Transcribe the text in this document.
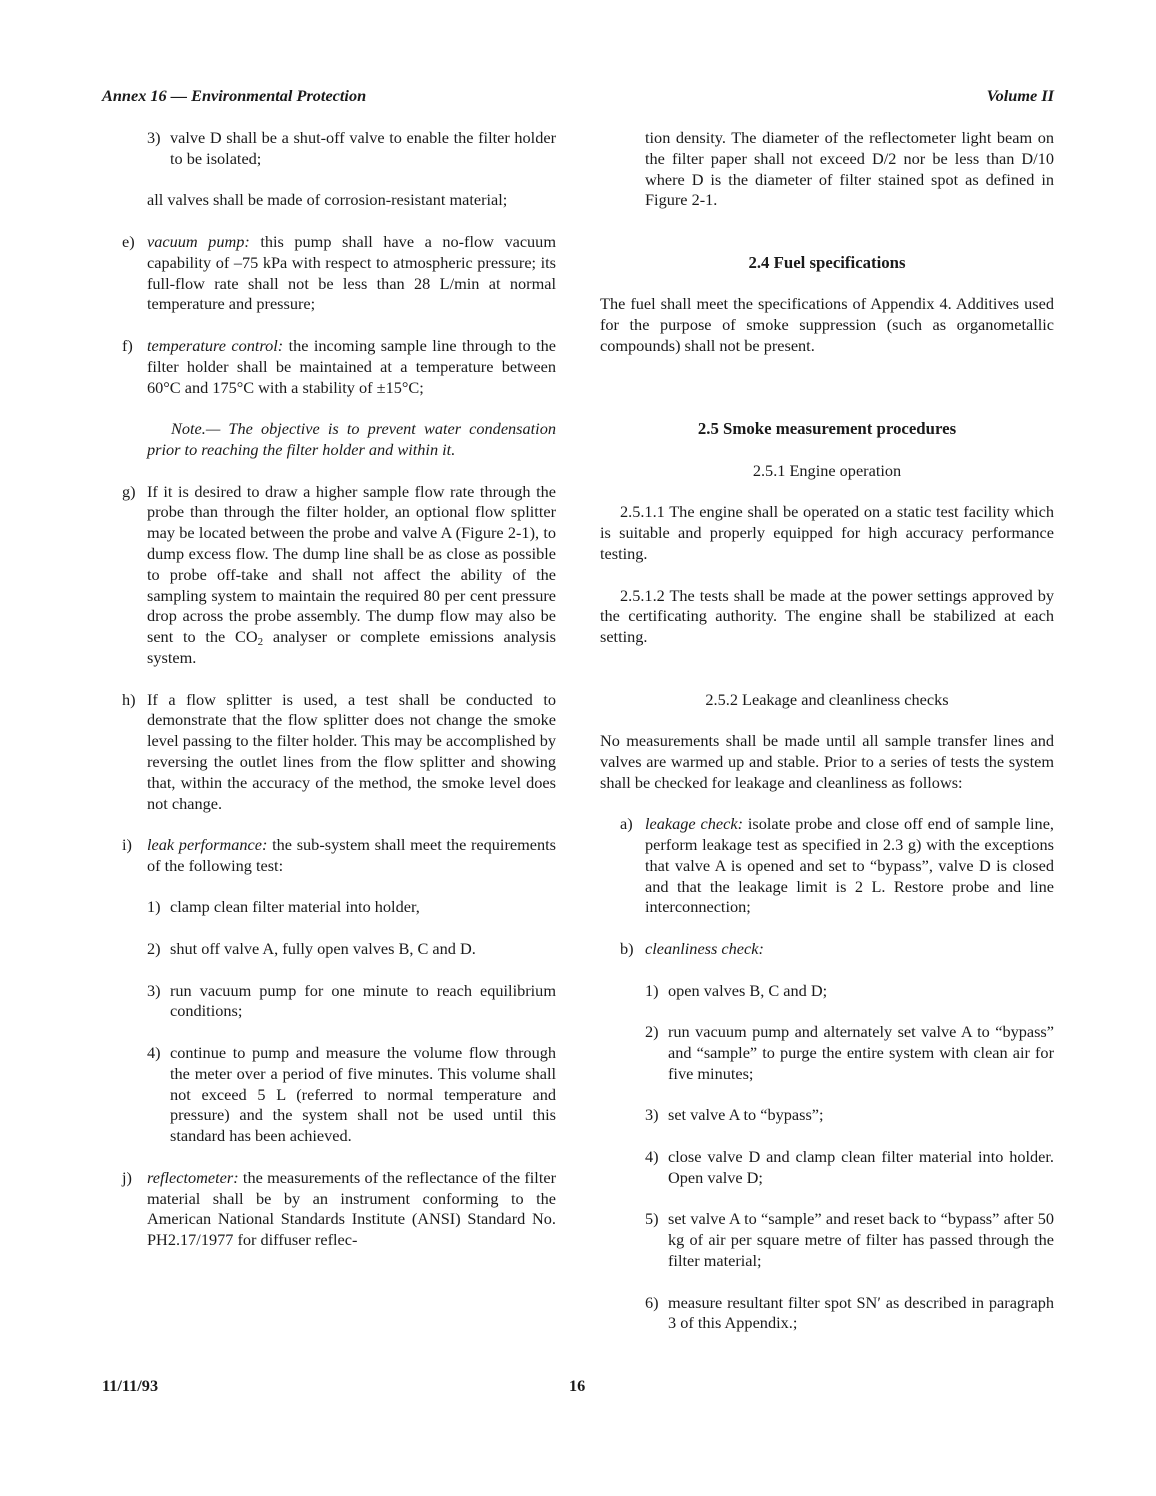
Annex 16 — Environmental Protection	Volume II
3) valve D shall be a shut-off valve to enable the filter holder to be isolated;

all valves shall be made of corrosion-resistant material;

e) vacuum pump: this pump shall have a no-flow vacuum capability of –75 kPa with respect to atmospheric pressure; its full-flow rate shall not be less than 28 L/min at normal temperature and pressure;
f) temperature control: the incoming sample line through to the filter holder shall be maintained at a temperature between 60°C and 175°C with a stability of ±15°C;

Note.— The objective is to prevent water condensation prior to reaching the filter holder and within it.

g) If it is desired to draw a higher sample flow rate through the probe than through the filter holder, an optional flow splitter may be located between the probe and valve A (Figure 2-1), to dump excess flow. The dump line shall be as close as possible to probe off-take and shall not affect the ability of the sampling system to maintain the required 80 per cent pressure drop across the probe assembly. The dump flow may also be sent to the $CO_2$ analyser or complete emissions analysis system.
h) If a flow splitter is used, a test shall be conducted to demonstrate that the flow splitter does not change the smoke level passing to the filter holder. This may be accomplished by reversing the outlet lines from the flow splitter and showing that, within the accuracy of the method, the smoke level does not change.
i) leak performance: the sub-system shall meet the requirements of the following test:
1) clamp clean filter material into holder,
2) shut off valve A, fully open valves B, C and D.
3) run vacuum pump for one minute to reach equilibrium conditions;
4) continue to pump and measure the volume flow through the meter over a period of five minutes. This volume shall not exceed 5 L (referred to normal temperature and pressure) and the system shall not be used until this standard has been achieved.
j) reflectometer: the measurements of the reflectance of the filter material shall be by an instrument conforming to the American National Standards Institute (ANSI) Standard No. PH2.17/1977 for diffuser reflec-

tion density. The diameter of the reflectometer light beam on the filter paper shall not exceed D/2 nor be less than D/10 where D is the diameter of filter stained spot as defined in Figure 2-1.

2.4 Fuel specifications

The fuel shall meet the specifications of Appendix 4. Additives used for the purpose of smoke suppression (such as organometallic compounds) shall not be present.

2.5 Smoke measurement procedures
2.5.1 Engine operation

2.5.1.1 The engine shall be operated on a static test facility which is suitable and properly equipped for high accuracy performance testing.

2.5.1.2 The tests shall be made at the power settings approved by the certificating authority. The engine shall be stabilized at each setting.

2.5.2 Leakage and cleanliness checks

No measurements shall be made until all sample transfer lines and valves are warmed up and stable. Prior to a series of tests the system shall be checked for leakage and cleanliness as follows:

a) leakage check: isolate probe and close off end of sample line, perform leakage test as specified in 2.3 g) with the exceptions that valve A is opened and set to “bypass”, valve D is closed and that the leakage limit is 2 L. Restore probe and line interconnection;
b) cleanliness check:
1) open valves B, C and D;
2) run vacuum pump and alternately set valve A to “bypass” and “sample” to purge the entire system with clean air for five minutes;
3) set valve A to “bypass”;
4) close valve D and clamp clean filter material into holder. Open valve D;
5) set valve A to “sample” and reset back to “bypass” after 50 kg of air per square metre of filter has passed through the filter material;
6) measure resultant filter spot SN′ as described in paragraph 3 of this Appendix.;
11/11/93	16
